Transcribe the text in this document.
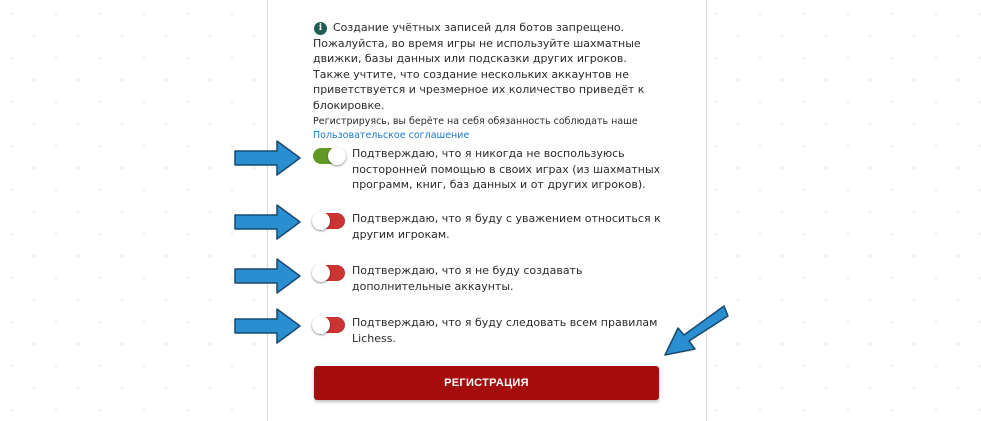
i Создание учётных записей для ботов запрещено. Пожалуйста, во время игры не используйте шахматные движки, базы данных или подсказки других игроков. Также учтите, что создание нескольких аккаунтов не приветствуется и чрезмерное их количество приведёт к блокировке.

Регистрируясь, вы берёте на себя обязанность соблюдать наше
Пользовательское соглашение

Подтверждаю, что я никогда не воспользуюсь посторонней помощью в своих играх (из шахматных программ, книг, баз данных и от других игроков).

Подтверждаю, что я буду с уважением относиться к другим игрокам.

Подтверждаю, что я не буду создавать дополнительные аккаунты.

Подтверждаю, что я буду следовать всем правилам Lichess.

РЕГИСТРАЦИЯ
